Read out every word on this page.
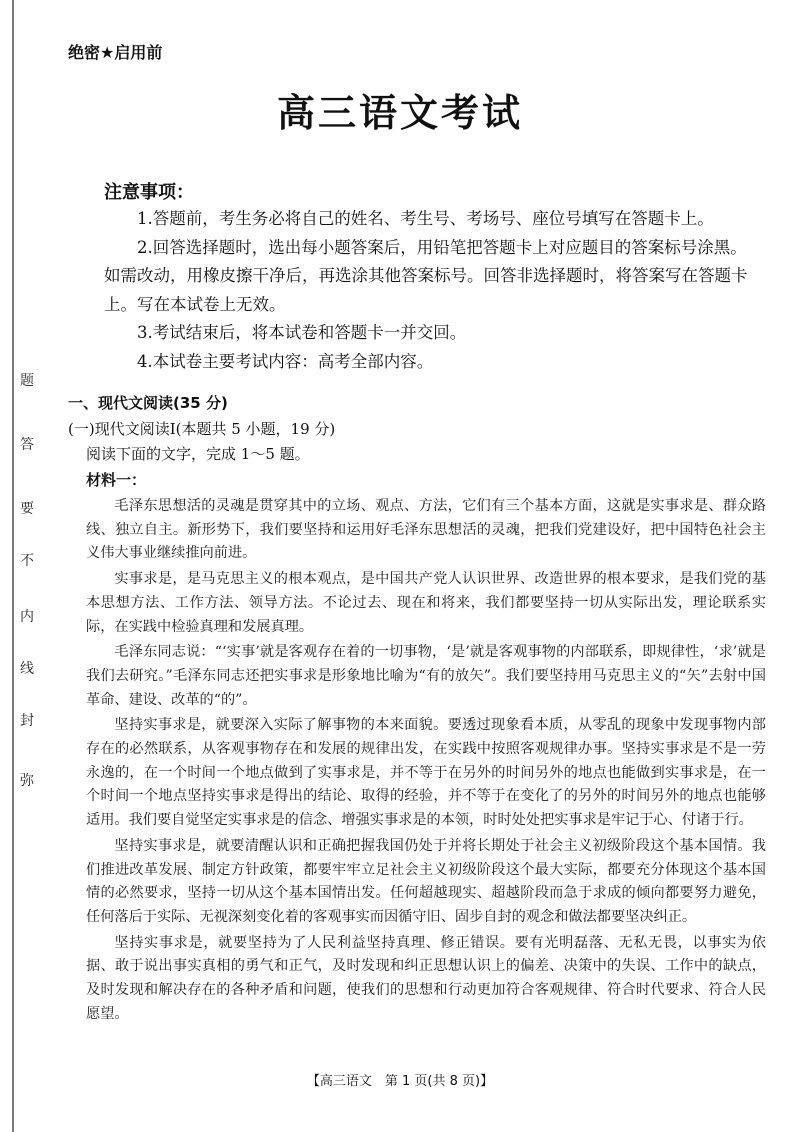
题
答
要
不
内
线
封
弥
绝密★启用前
高三语文考试
注意事项：

1.答题前，考生务必将自己的姓名、考生号、考场号、座位号填写在答题卡上。

2.回答选择题时，选出每小题答案后，用铅笔把答题卡上对应题目的答案标号涂黑。如需改动，用橡皮擦干净后，再选涂其他答案标号。回答非选择题时，将答案写在答题卡上。写在本试卷上无效。

3.考试结束后，将本试卷和答题卡一并交回。

4.本试卷主要考试内容：高考全部内容。

一、现代文阅读(35 分)
(一)现代文阅读Ⅰ(本题共 5 小题，19 分)
阅读下面的文字，完成 1～5 题。
材料一：

毛泽东思想活的灵魂是贯穿其中的立场、观点、方法，它们有三个基本方面，这就是实事求是、群众路线、独立自主。新形势下，我们要坚持和运用好毛泽东思想活的灵魂，把我们党建设好，把中国特色社会主义伟大事业继续推向前进。

实事求是，是马克思主义的根本观点，是中国共产党人认识世界、改造世界的根本要求，是我们党的基本思想方法、工作方法、领导方法。不论过去、现在和将来，我们都要坚持一切从实际出发，理论联系实际，在实践中检验真理和发展真理。

毛泽东同志说：“‘实事’就是客观存在着的一切事物，‘是’就是客观事物的内部联系，即规律性，‘求’就是我们去研究。”毛泽东同志还把实事求是形象地比喻为“有的放矢”。我们要坚持用马克思主义的“矢”去射中国革命、建设、改革的“的”。

坚持实事求是，就要深入实际了解事物的本来面貌。要透过现象看本质，从零乱的现象中发现事物内部存在的必然联系，从客观事物存在和发展的规律出发，在实践中按照客观规律办事。坚持实事求是不是一劳永逸的，在一个时间一个地点做到了实事求是，并不等于在另外的时间另外的地点也能做到实事求是，在一个时间一个地点坚持实事求是得出的结论、取得的经验，并不等于在变化了的另外的时间另外的地点也能够适用。我们要自觉坚定实事求是的信念、增强实事求是的本领，时时处处把实事求是牢记于心、付诸于行。

坚持实事求是，就要清醒认识和正确把握我国仍处于并将长期处于社会主义初级阶段这个基本国情。我们推进改革发展、制定方针政策，都要牢牢立足社会主义初级阶段这个最大实际，都要充分体现这个基本国情的必然要求，坚持一切从这个基本国情出发。任何超越现实、超越阶段而急于求成的倾向都要努力避免，任何落后于实际、无视深刻变化着的客观事实而因循守旧、固步自封的观念和做法都要坚决纠正。

坚持实事求是，就要坚持为了人民利益坚持真理、修正错误。要有光明磊落、无私无畏，以事实为依据、敢于说出事实真相的勇气和正气，及时发现和纠正思想认识上的偏差、决策中的失误、工作中的缺点，及时发现和解决存在的各种矛盾和问题，使我们的思想和行动更加符合客观规律、符合时代要求、符合人民愿望。

【高三语文　第 1 页(共 8 页)】
